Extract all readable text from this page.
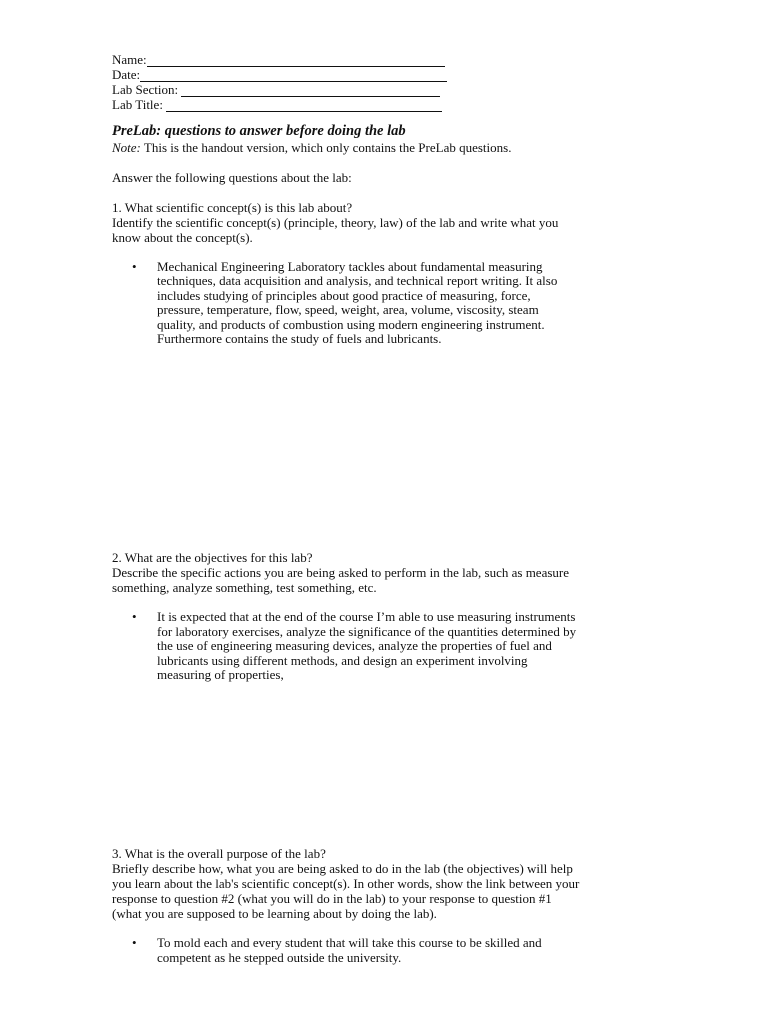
Name:
Date:
Lab Section:
Lab Title:
PreLab: questions to answer before doing the lab
Note: This is the handout version, which only contains the PreLab questions.
Answer the following questions about the lab:
1. What scientific concept(s) is this lab about?
Identify the scientific concept(s) (principle, theory, law) of the lab and write what you
know about the concept(s).
•	Mechanical Engineering Laboratory tackles about fundamental measuring
techniques, data acquisition and analysis, and technical report writing. It also
includes studying of principles about good practice of measuring, force,
pressure, temperature, flow, speed, weight, area, volume, viscosity, steam
quality, and products of combustion using modern engineering instrument.
Furthermore contains the study of fuels and lubricants.
2. What are the objectives for this lab?
Describe the specific actions you are being asked to perform in the lab, such as measure
something, analyze something, test something, etc.
•	It is expected that at the end of the course I’m able to use measuring instruments
for laboratory exercises, analyze the significance of the quantities determined by
the use of engineering measuring devices, analyze the properties of fuel and
lubricants using different methods, and design an experiment involving
measuring of properties,
3. What is the overall purpose of the lab?
Briefly describe how, what you are being asked to do in the lab (the objectives) will help
you learn about the lab's scientific concept(s). In other words, show the link between your
response to question #2 (what you will do in the lab) to your response to question #1
(what you are supposed to be learning about by doing the lab).
•	To mold each and every student that will take this course to be skilled and
competent as he stepped outside the university.
